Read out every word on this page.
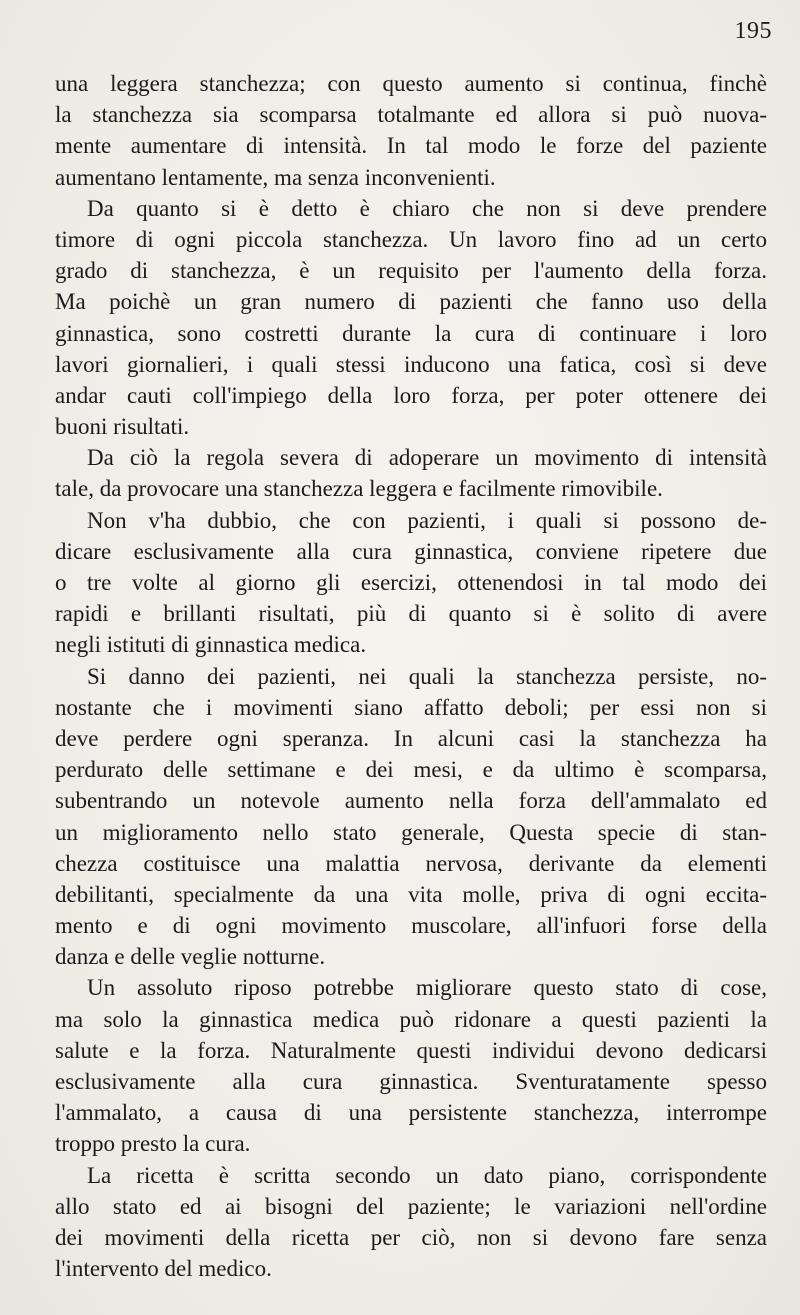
195
una leggera stanchezza; con questo aumento si continua, finchè
la stanchezza sia scomparsa totalmante ed allora si può nuova-
mente aumentare di intensità. In tal modo le forze del paziente
aumentano lentamente, ma senza inconvenienti.
Da quanto si è detto è chiaro che non si deve prendere
timore di ogni piccola stanchezza. Un lavoro fino ad un certo
grado di stanchezza, è un requisito per l'aumento della forza.
Ma poichè un gran numero di pazienti che fanno uso della
ginnastica, sono costretti durante la cura di continuare i loro
lavori giornalieri, i quali stessi inducono una fatica, così si deve
andar cauti coll'impiego della loro forza, per poter ottenere dei
buoni risultati.
Da ciò la regola severa di adoperare un movimento di intensità
tale, da provocare una stanchezza leggera e facilmente rimovibile.
Non v'ha dubbio, che con pazienti, i quali si possono de-
dicare esclusivamente alla cura ginnastica, conviene ripetere due
o tre volte al giorno gli esercizi, ottenendosi in tal modo dei
rapidi e brillanti risultati, più di quanto si è solito di avere
negli istituti di ginnastica medica.
Si danno dei pazienti, nei quali la stanchezza persiste, no-
nostante che i movimenti siano affatto deboli; per essi non si
deve perdere ogni speranza. In alcuni casi la stanchezza ha
perdurato delle settimane e dei mesi, e da ultimo è scomparsa,
subentrando un notevole aumento nella forza dell'ammalato ed
un miglioramento nello stato generale, Questa specie di stan-
chezza costituisce una malattia nervosa, derivante da elementi
debilitanti, specialmente da una vita molle, priva di ogni eccita-
mento e di ogni movimento muscolare, all'infuori forse della
danza e delle veglie notturne.
Un assoluto riposo potrebbe migliorare questo stato di cose,
ma solo la ginnastica medica può ridonare a questi pazienti la
salute e la forza. Naturalmente questi individui devono dedicarsi
esclusivamente alla cura ginnastica. Sventuratamente spesso
l'ammalato, a causa di una persistente stanchezza, interrompe
troppo presto la cura.
La ricetta è scritta secondo un dato piano, corrispondente
allo stato ed ai bisogni del paziente; le variazioni nell'ordine
dei movimenti della ricetta per ciò, non si devono fare senza
l'intervento del medico.
